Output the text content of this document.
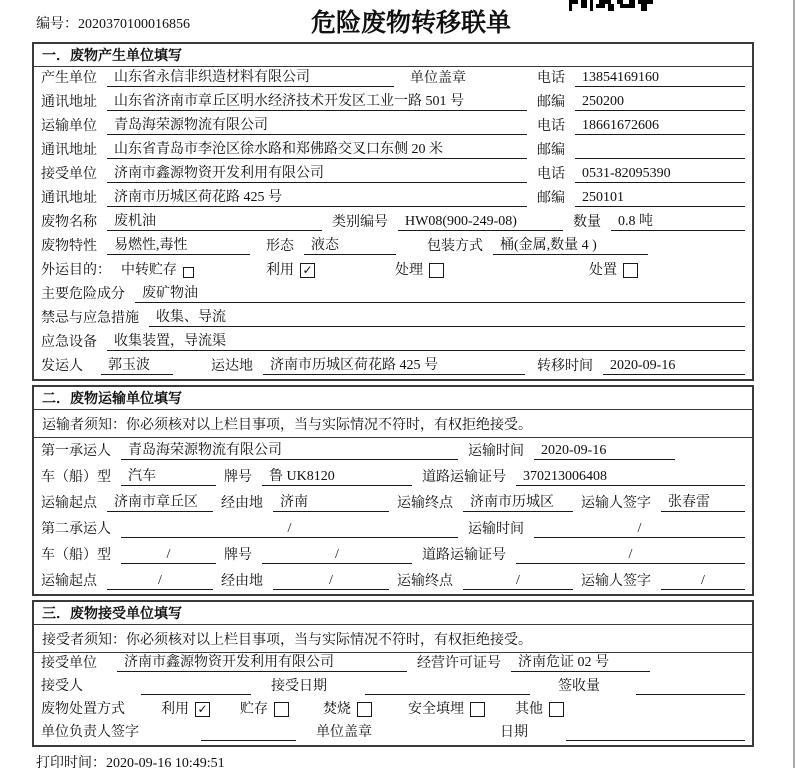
编号：2020370100016856	危险废物转移联单
一．废物产生单位填写
产生单位	山东省永信非织造材料有限公司	单位盖章	电话	13854169160
通讯地址	山东省济南市章丘区明水经济技术开发区工业一路 501 号	邮编	250200
运输单位	青岛海荣源物流有限公司	电话	18661672606
通讯地址	山东省青岛市李沧区徐水路和郑佛路交叉口东侧 20 米	邮编
接受单位	济南市鑫源物资开发利用有限公司	电话	0531-82095390
通讯地址	济南市历城区荷花路 425 号	邮编	250101
废物名称	废机油	类别编号	HW08(900-249-08)	数量	0.8 吨
废物特性	易燃性,毒性	形态	液态	包装方式	桶(金属,数量 4 )
外运目的： 中转贮存	利用 ✓	处理	处置
主要危险成分	废矿物油
禁忌与应急措施	收集、导流
应急设备	收集装置，导流渠
发运人	郭玉波	运达地	济南市历城区荷花路 425 号	转移时间	2020-09-16
二．废物运输单位填写
运输者须知：你必须核对以上栏目事项，当与实际情况不符时，有权拒绝接受。
第一承运人	青岛海荣源物流有限公司	运输时间	2020-09-16
车（船）型	汽车	牌号	鲁 UK8120	道路运输证号	370213006408
运输起点	济南市章丘区	经由地	济南	运输终点	济南市历城区	运输人签字	张春雷
第二承运人	/	运输时间	/
车（船）型	/	牌号	/	道路运输证号	/
运输起点	/	经由地	/	运输终点	/	运输人签字	/
三．废物接受单位填写
接受者须知：你必须核对以上栏目事项，当与实际情况不符时，有权拒绝接受。
接受单位	济南市鑫源物资开发利用有限公司	经营许可证号	济南危证 02 号
接受人	接受日期	签收量
废物处置方式	利用 ✓ 贮存	焚烧	安全填埋	其他
单位负责人签字	单位盖章	日期
打印时间：2020-09-16 10:49:51
